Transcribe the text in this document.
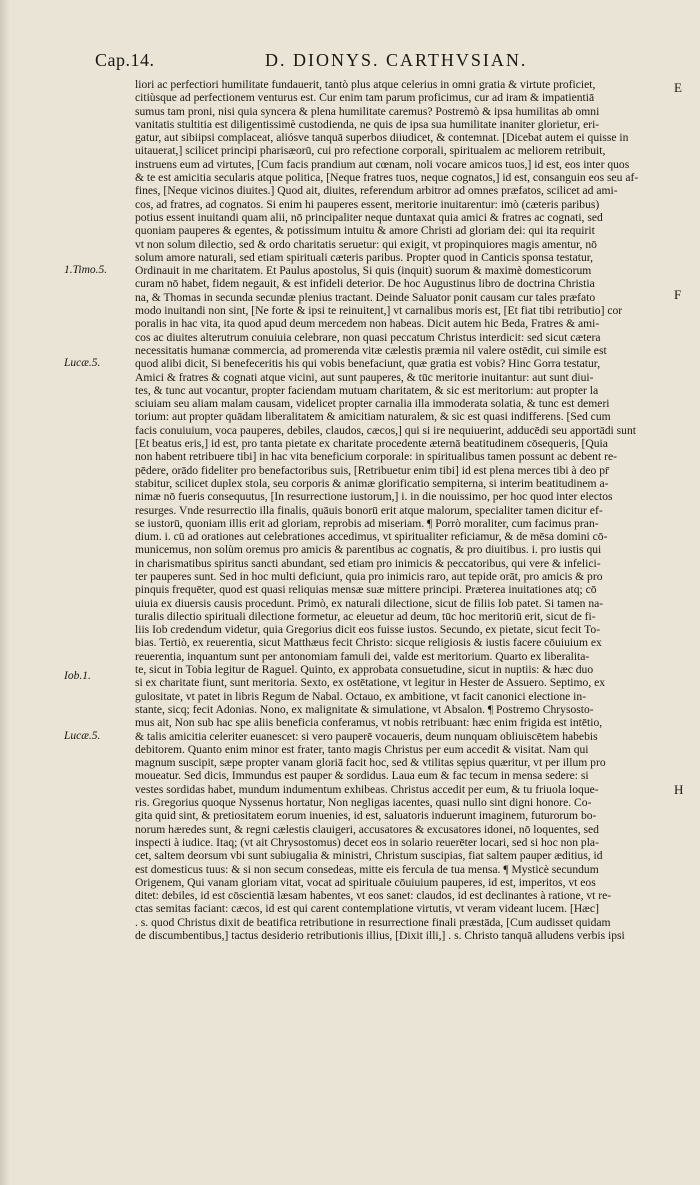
Cap.14.	D. DIONYS. CARTHVSIAN.
E
F
H
1.Timo.5.
Lucæ.5.
Iob.1.
Lucæ.5.
liori ac perfectiori humilitate fundauerit, tantò plus atque celerius in omni gratia & virtute proficiet,
citiùsque ad perfectionem venturus est. Cur enim tam parum proficimus, cur ad iram & impatientiā
sumus tam proni, nisi quia syncera & plena humilitate caremus? Postremò & ipsa humilitas ab omni
vanitatis stultitia est diligentissimè custodienda, ne quis de ipsa sua humilitate inaniter glorietur, eri-
gatur, aut sibiipsi complaceat, aliósve tanquā superbos diiudicet, & contemnat. [Dicebat autem ei quisse in
uitauerat,] scilicet principi pharisæorū, cui pro refectione corporali, spiritualem ac meliorem retribuit,
instruens eum ad virtutes, [Cum facis prandium aut cœnam, noli vocare amicos tuos,] id est, eos inter quos
& te est amicitia secularis atque politica, [Neque fratres tuos, neque cognatos,] id est, consanguin eos seu af-
fines, [Neque vicinos diuites.] Quod ait, diuites, referendum arbitror ad omnes præfatos, scilicet ad ami-
cos, ad fratres, ad cognatos. Si enim hi pauperes essent, meritorie inuitarentur: imò (cæteris paribus)
potius essent inuitandi quam alii, nō principaliter neque duntaxat quia amici & fratres ac cognati, sed
quoniam pauperes & egentes, & potissimum intuitu & amore Christi ad gloriam dei: qui ita requirit
vt non solum dilectio, sed & ordo charitatis seruetur: qui exigit, vt propinquiores magis amentur, nō
solum amore naturali, sed etiam spirituali cæteris paribus. Propter quod in Canticis sponsa testatur,
Ordinauit in me charitatem. Et Paulus apostolus, Si quis (inquit) suorum & maximè domesticorum
curam nō habet, fidem negauit, & est infideli deterior. De hoc Augustinus libro de doctrina Christia
na, & Thomas in secunda secundæ plenius tractant. Deinde Saluator ponit causam cur tales præfato
modo inuitandi non sint, [Ne forte & ipsi te reinuitent,] vt carnalibus moris est, [Et fiat tibi retributio] cor
poralis in hac vita, ita quod apud deum mercedem non habeas. Dicit autem hic Beda, Fratres & ami-
cos ac diuites alterutrum conuiuia celebrare, non quasi peccatum Christus interdicit: sed sicut cætera
necessitatis humanæ commercia, ad promerenda vitæ cælestis præmia nil valere ostēdit, cui simile est
quod alibi dicit, Si benefeceritis his qui vobis benefaciunt, quæ gratia est vobis? Hinc Gorra testatur,
Amici & fratres & cognati atque vicini, aut sunt pauperes, & tūc meritorie inuitantur: aut sunt diui-
tes, & tunc aut vocantur, propter faciendam mutuam charitatem, & sic est meritorium: aut propter la
sciuiam seu aliam malam causam, videlicet propter carnalia illa immoderata solatia, & tunc est demeri
torium: aut propter quādam liberalitatem & amicitiam naturalem, & sic est quasi indifferens. [Sed cum
facis conuiuium, voca pauperes, debiles, claudos, cæcos,] qui si ire nequiuerint, adducēdi seu apportādi sunt
[Et beatus eris,] id est, pro tanta pietate ex charitate procedente æternā beatitudinem cōsequeris, [Quia
non habent retribuere tibi] in hac vita beneficium corporale: in spiritualibus tamen possunt ac debent re-
pēdere, orādo fideliter pro benefactoribus suis, [Retribuetur enim tibi] id est plena merces tibi à deo pr̄
stabitur, scilicet duplex stola, seu corporis & animæ glorificatio sempiterna, si interim beatitudinem a-
nimæ nō fueris consequutus, [In resurrectione iustorum,] i. in die nouissimo, per hoc quod inter electos
resurges. Vnde resurrectio illa finalis, quāuis bonorū erit atque malorum, specialiter tamen dicitur ef-
se iustorū, quoniam illis erit ad gloriam, reprobis ad miseriam. ¶ Porrò moraliter, cum facimus pran-
dium. i. cū ad orationes aut celebrationes accedimus, vt spiritualiter reficiamur, & de mēsa domini cō-
municemus, non solùm oremus pro amicis & parentibus ac cognatis, & pro diuitibus. i. pro iustis qui
in charismatibus spiritus sancti abundant, sed etiam pro inimicis & peccatoribus, qui vere & infelici-
ter pauperes sunt. Sed in hoc multi deficiunt, quia pro inimicis raro, aut tepide orāt, pro amicis & pro
pinquis frequēter, quod est quasi reliquias mensæ suæ mittere principi. Præterea inuitationes atq; cō
uiuia ex diuersis causis procedunt. Primò, ex naturali dilectione, sicut de filiis Iob patet. Si tamen na-
turalis dilectio spirituali dilectione formetur, ac eleuetur ad deum, tūc hoc meritoriū erit, sicut de fi-
liis Iob credendum videtur, quia Gregorius dicit eos fuisse iustos. Secundo, ex pietate, sicut fecit To-
bias. Tertiò, ex reuerentia, sicut Matthæus fecit Christo: sicque religiosis & iustis facere cōuiuium ex
reuerentia, inquantum sunt per antonomiam famuli dei, valde est meritorium. Quarto ex liberalita-
te, sicut in Tobia legitur de Raguel. Quinto, ex approbata consuetudine, sicut in nuptiis: & hæc duo
si ex charitate fiunt, sunt meritoria. Sexto, ex ostētatione, vt legitur in Hester de Assuero. Septimo, ex
gulositate, vt patet in libris Regum de Nabal. Octauo, ex ambitione, vt facit canonici electione in-
stante, sicq; fecit Adonias. Nono, ex malignitate & simulatione, vt Absalon. ¶ Postremo Chrysosto-
mus ait, Non sub hac spe aliis beneficia conferamus, vt nobis retribuant: hæc enim frigida est intētio,
& talis amicitia celeriter euanescet: si vero pauperē vocaueris, deum nunquam obliuiscētem habebis
debitorem. Quanto enim minor est frater, tanto magis Christus per eum accedit & visitat. Nam qui
magnum suscipit, sæpe propter vanam gloriā facit hoc, sed & vtilitas sępius quæritur, vt per illum pro
moueatur. Sed dicis, Immundus est pauper & sordidus. Laua eum & fac tecum in mensa sedere: si
vestes sordidas habet, mundum indumentum exhibeas. Christus accedit per eum, & tu friuola loque-
ris. Gregorius quoque Nyssenus hortatur, Non negligas iacentes, quasi nullo sint digni honore. Co-
gita quid sint, & pretiositatem eorum inuenies, id est, saluatoris induerunt imaginem, futurorum bo-
norum hæredes sunt, & regni cælestis clauigeri, accusatores & excusatores idonei, nō loquentes, sed
inspecti à iudice. Itaq; (vt ait Chrysostomus) decet eos in solario reuerēter locari, sed si hoc non pla-
cet, saltem deorsum vbi sunt subiugalia & ministri, Christum suscipias, fiat saltem pauper æditius, id
est domesticus tuus: & si non secum consedeas, mitte eis fercula de tua mensa. ¶ Mysticè secundum
Origenem, Qui vanam gloriam vitat, vocat ad spirituale cōuiuium pauperes, id est, imperitos, vt eos
ditet: debiles, id est cōscientiā læsam habentes, vt eos sanet: claudos, id est declinantes à ratione, vt re-
ctas semitas faciant: cæcos, id est qui carent contemplatione virtutis, vt veram videant lucem. [Hæc]
. s. quod Christus dixit de beatifica retributione in resurrectione finali præstāda, [Cum audisset quidam
de discumbentibus,] tactus desiderio retributionis illius, [Dixit illi,] . s. Christo tanquā alludens verbis ipsi
